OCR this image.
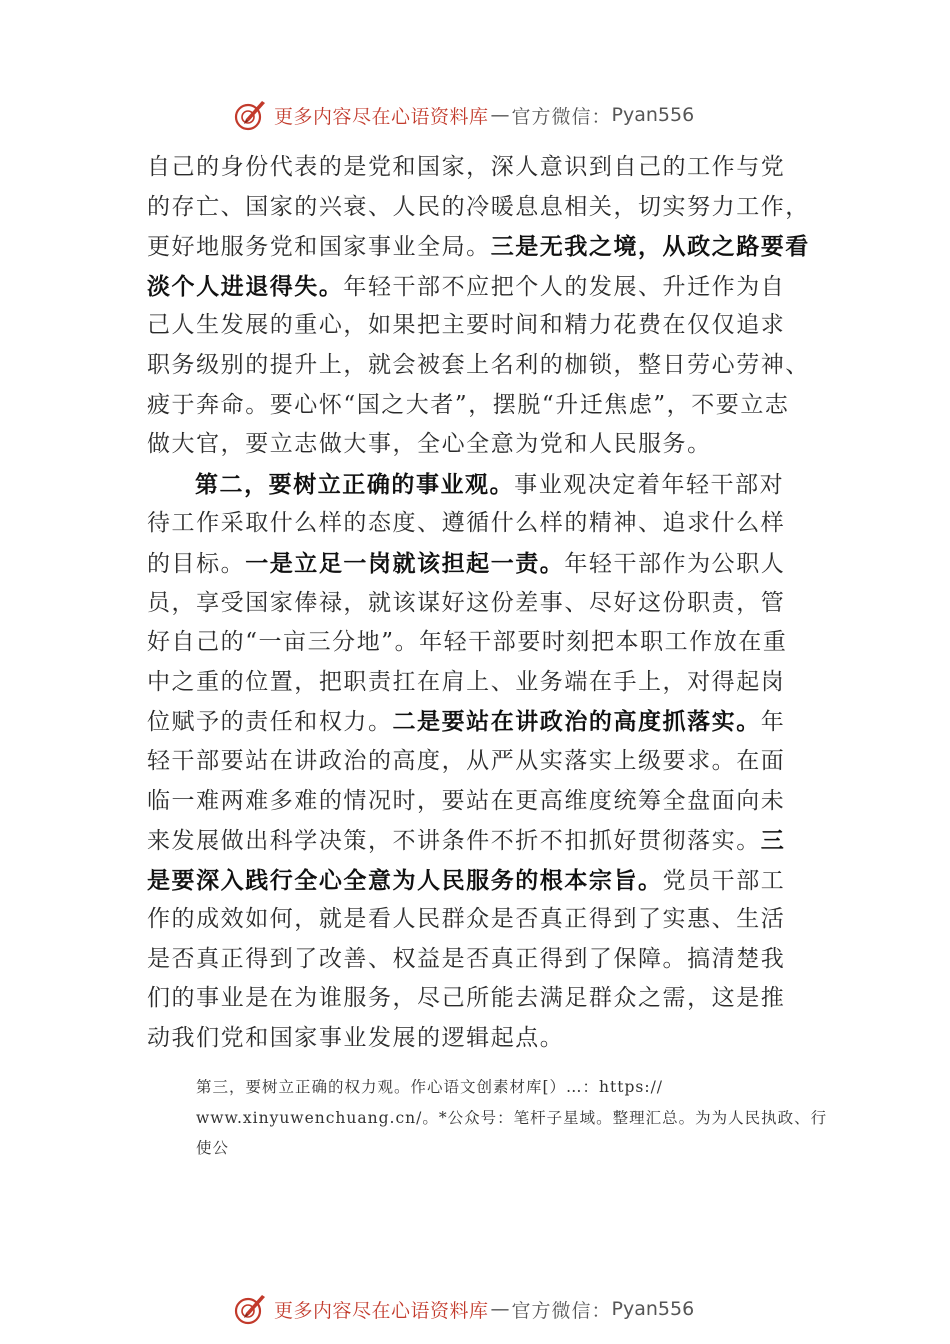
更多内容尽在心语资料库 — 官方微信： Pyan556
自己的身份代表的是党和国家，深人意识到自己的工作与党
的存亡、国家的兴衰、人民的冷暖息息相关，切实努力工作，
更好地服务党和国家事业全局。三是无我之境，从政之路要看
淡个人进退得失。年轻干部不应把个人的发展、升迁作为自
己人生发展的重心，如果把主要时间和精力花费在仅仅追求
职务级别的提升上，就会被套上名利的枷锁，整日劳心劳神、
疲于奔命。要心怀“国之大者”，摆脱“升迁焦虑”，不要立志
做大官，要立志做大事，全心全意为党和人民服务。
第二，要树立正确的事业观。事业观决定着年轻干部对
待工作采取什么样的态度、遵循什么样的精神、追求什么样
的目标。一是立足一岗就该担起一责。年轻干部作为公职人
员，享受国家俸禄，就该谋好这份差事、尽好这份职责，管
好自己的“一亩三分地”。年轻干部要时刻把本职工作放在重
中之重的位置，把职责扛在肩上、业务端在手上，对得起岗
位赋予的责任和权力。二是要站在讲政治的高度抓落实。年
轻干部要站在讲政治的高度，从严从实落实上级要求。在面
临一难两难多难的情况时，要站在更高维度统筹全盘面向未
来发展做出科学决策，不讲条件不折不扣抓好贯彻落实。三
是要深入践行全心全意为人民服务的根本宗旨。党员干部工
作的成效如何，就是看人民群众是否真正得到了实惠、生活
是否真正得到了改善、权益是否真正得到了保障。搞清楚我
们的事业是在为谁服务，尽己所能去满足群众之需，这是推
动我们党和国家事业发展的逻辑起点。
第三，要树立正确的权力观。作心语文创素材库[）…：https://
www.xinyuwenchuang.cn/。*公众号：笔杆子星域。整理汇总。为为人民执政、行
使公
更多内容尽在心语资料库 — 官方微信： Pyan556
